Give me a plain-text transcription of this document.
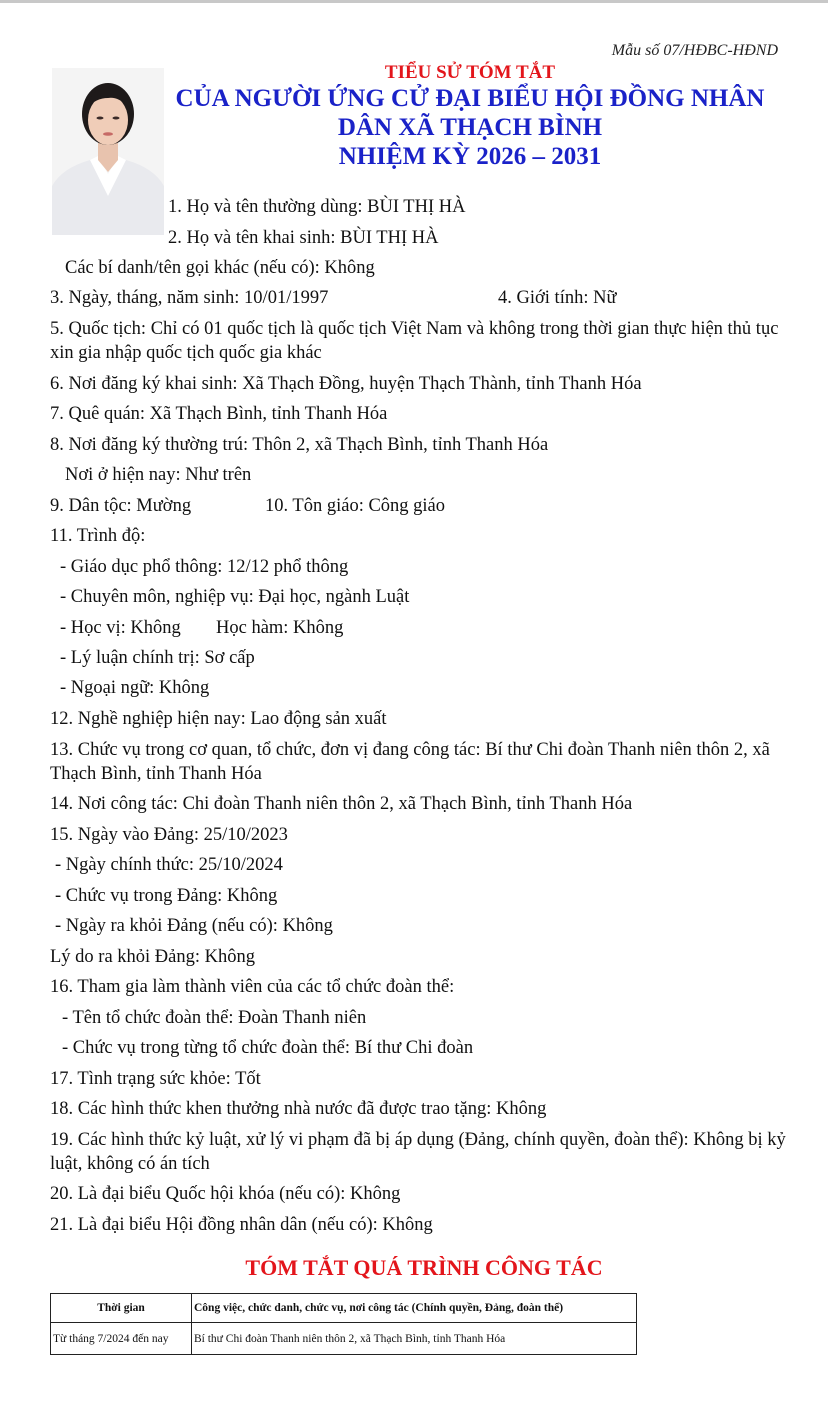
Mẫu số 07/HĐBC-HĐND
TIỂU SỬ TÓM TẮT
CỦA NGƯỜI ỨNG CỬ ĐẠI BIỂU HỘI ĐỒNG NHÂN
DÂN XÃ THẠCH BÌNH
NHIỆM KỲ 2026 – 2031
1. Họ và tên thường dùng: BÙI THỊ HÀ
2. Họ và tên khai sinh: BÙI THỊ HÀ
Các bí danh/tên gọi khác (nếu có): Không
3. Ngày, tháng, năm sinh: 10/01/1997	4. Giới tính: Nữ
5. Quốc tịch: Chỉ có 01 quốc tịch là quốc tịch Việt Nam và không trong thời gian thực hiện thủ tục xin gia nhập quốc tịch quốc gia khác
6. Nơi đăng ký khai sinh: Xã Thạch Đồng, huyện Thạch Thành, tỉnh Thanh Hóa
7. Quê quán: Xã Thạch Bình, tỉnh Thanh Hóa
8. Nơi đăng ký thường trú: Thôn 2, xã Thạch Bình, tỉnh Thanh Hóa
Nơi ở hiện nay: Như trên
9. Dân tộc: Mường	10. Tôn giáo: Công giáo
11. Trình độ:
- Giáo dục phổ thông: 12/12 phổ thông
- Chuyên môn, nghiệp vụ: Đại học, ngành Luật
- Học vị: Không Học hàm: Không
- Lý luận chính trị: Sơ cấp
- Ngoại ngữ: Không
12. Nghề nghiệp hiện nay: Lao động sản xuất
13. Chức vụ trong cơ quan, tổ chức, đơn vị đang công tác: Bí thư Chi đoàn Thanh niên thôn 2, xã Thạch Bình, tỉnh Thanh Hóa
14. Nơi công tác: Chi đoàn Thanh niên thôn 2, xã Thạch Bình, tỉnh Thanh Hóa
15. Ngày vào Đảng: 25/10/2023
- Ngày chính thức: 25/10/2024
- Chức vụ trong Đảng: Không
- Ngày ra khỏi Đảng (nếu có): Không
Lý do ra khỏi Đảng: Không
16. Tham gia làm thành viên của các tổ chức đoàn thể:
- Tên tổ chức đoàn thể: Đoàn Thanh niên
- Chức vụ trong từng tổ chức đoàn thể: Bí thư Chi đoàn
17. Tình trạng sức khỏe: Tốt
18. Các hình thức khen thưởng nhà nước đã được trao tặng: Không
19. Các hình thức kỷ luật, xử lý vi phạm đã bị áp dụng (Đảng, chính quyền, đoàn thể): Không bị kỷ luật, không có án tích
20. Là đại biểu Quốc hội khóa (nếu có): Không
21. Là đại biểu Hội đồng nhân dân (nếu có): Không
TÓM TẮT QUÁ TRÌNH CÔNG TÁC
Thời gian	Công việc, chức danh, chức vụ, nơi công tác (Chính quyền, Đảng, đoàn thể)
Từ tháng 7/2024 đến nay	Bí thư Chi đoàn Thanh niên thôn 2, xã Thạch Bình, tỉnh Thanh Hóa
